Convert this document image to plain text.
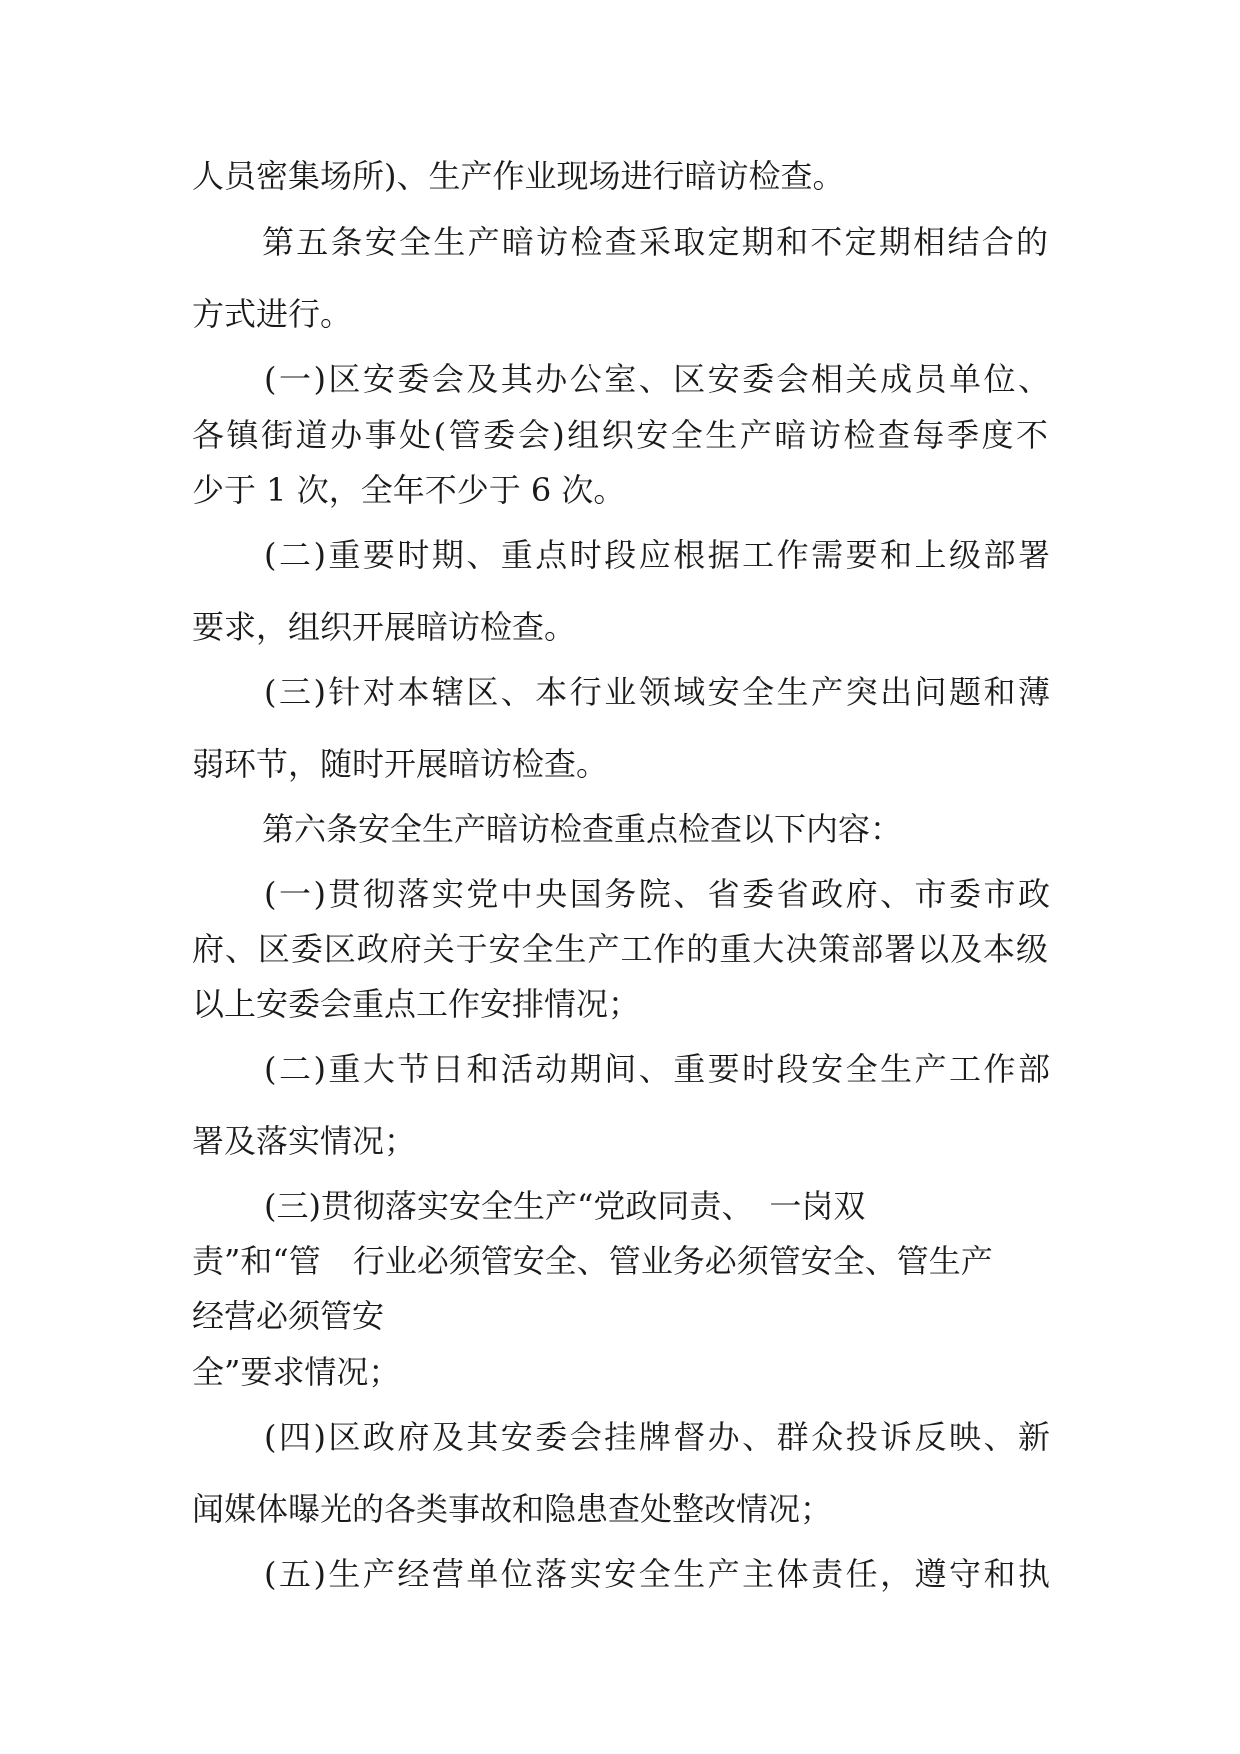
人员密集场所)、生产作业现场进行暗访检查。
第五条安全生产暗访检查采取定期和不定期相结合的
方式进行。
(一)区安委会及其办公室、区安委会相关成员单位、
各镇街道办事处(管委会)组织安全生产暗访检查每季度不
少于 1 次，全年不少于 6 次。
(二)重要时期、重点时段应根据工作需要和上级部署
要求，组织开展暗访检查。
(三)针对本辖区、本行业领域安全生产突出问题和薄
弱环节，随时开展暗访检查。
第六条安全生产暗访检查重点检查以下内容：
(一)贯彻落实党中央国务院、省委省政府、市委市政
府、区委区政府关于安全生产工作的重大决策部署以及本级
以上安委会重点工作安排情况；
(二)重大节日和活动期间、重要时段安全生产工作部
署及落实情况；
(三)贯彻落实安全生产“党政同责、　一岗双
责”和“管　行业必须管安全、管业务必须管安全、管生产
经营必须管安
全”要求情况；
(四)区政府及其安委会挂牌督办、群众投诉反映、新
闻媒体曝光的各类事故和隐患查处整改情况；
(五)生产经营单位落实安全生产主体责任，遵守和执
